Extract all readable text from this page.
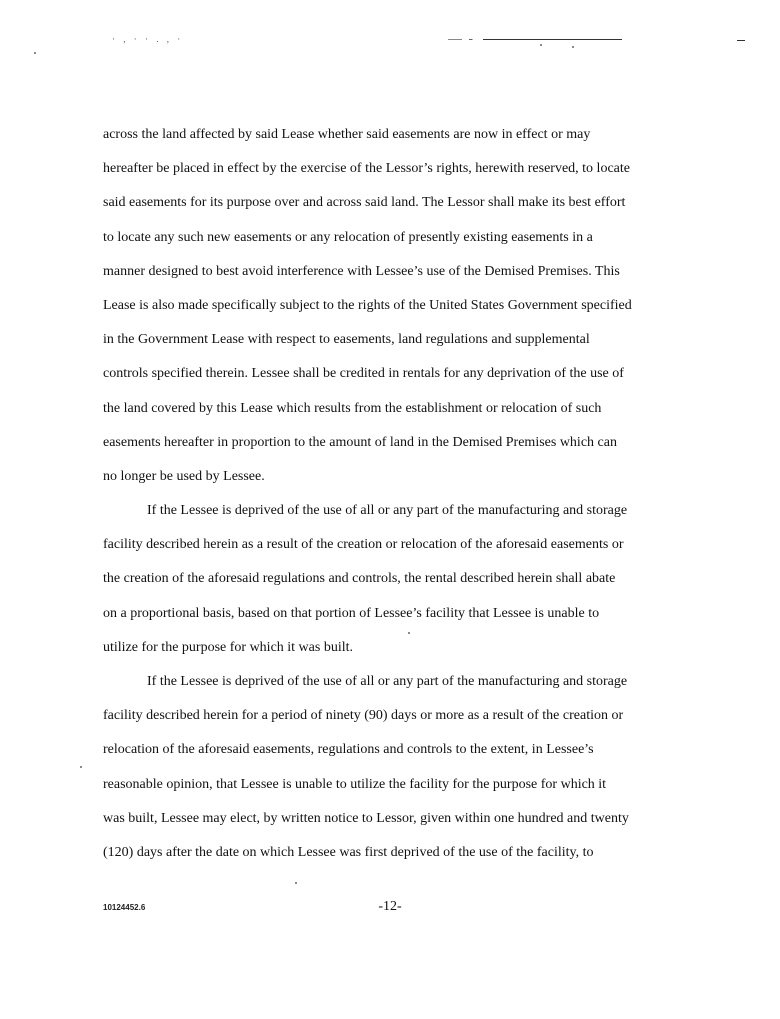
· , · · . , ·
across the land affected by said Lease whether said easements are now in effect or may
hereafter be placed in effect by the exercise of the Lessor’s rights, herewith reserved, to locate
said easements for its purpose over and across said land. The Lessor shall make its best effort
to locate any such new easements or any relocation of presently existing easements in a
manner designed to best avoid interference with Lessee’s use of the Demised Premises. This
Lease is also made specifically subject to the rights of the United States Government specified
in the Government Lease with respect to easements, land regulations and supplemental
controls specified therein. Lessee shall be credited in rentals for any deprivation of the use of
the land covered by this Lease which results from the establishment or relocation of such
easements hereafter in proportion to the amount of land in the Demised Premises which can
no longer be used by Lessee.
If the Lessee is deprived of the use of all or any part of the manufacturing and storage
facility described herein as a result of the creation or relocation of the aforesaid easements or
the creation of the aforesaid regulations and controls, the rental described herein shall abate
on a proportional basis, based on that portion of Lessee’s facility that Lessee is unable to
utilize for the purpose for which it was built.
If the Lessee is deprived of the use of all or any part of the manufacturing and storage
facility described herein for a period of ninety (90) days or more as a result of the creation or
relocation of the aforesaid easements, regulations and controls to the extent, in Lessee’s
reasonable opinion, that Lessee is unable to utilize the facility for the purpose for which it
was built, Lessee may elect, by written notice to Lessor, given within one hundred and twenty
(120) days after the date on which Lessee was first deprived of the use of the facility, to
10124452.6	-12-
